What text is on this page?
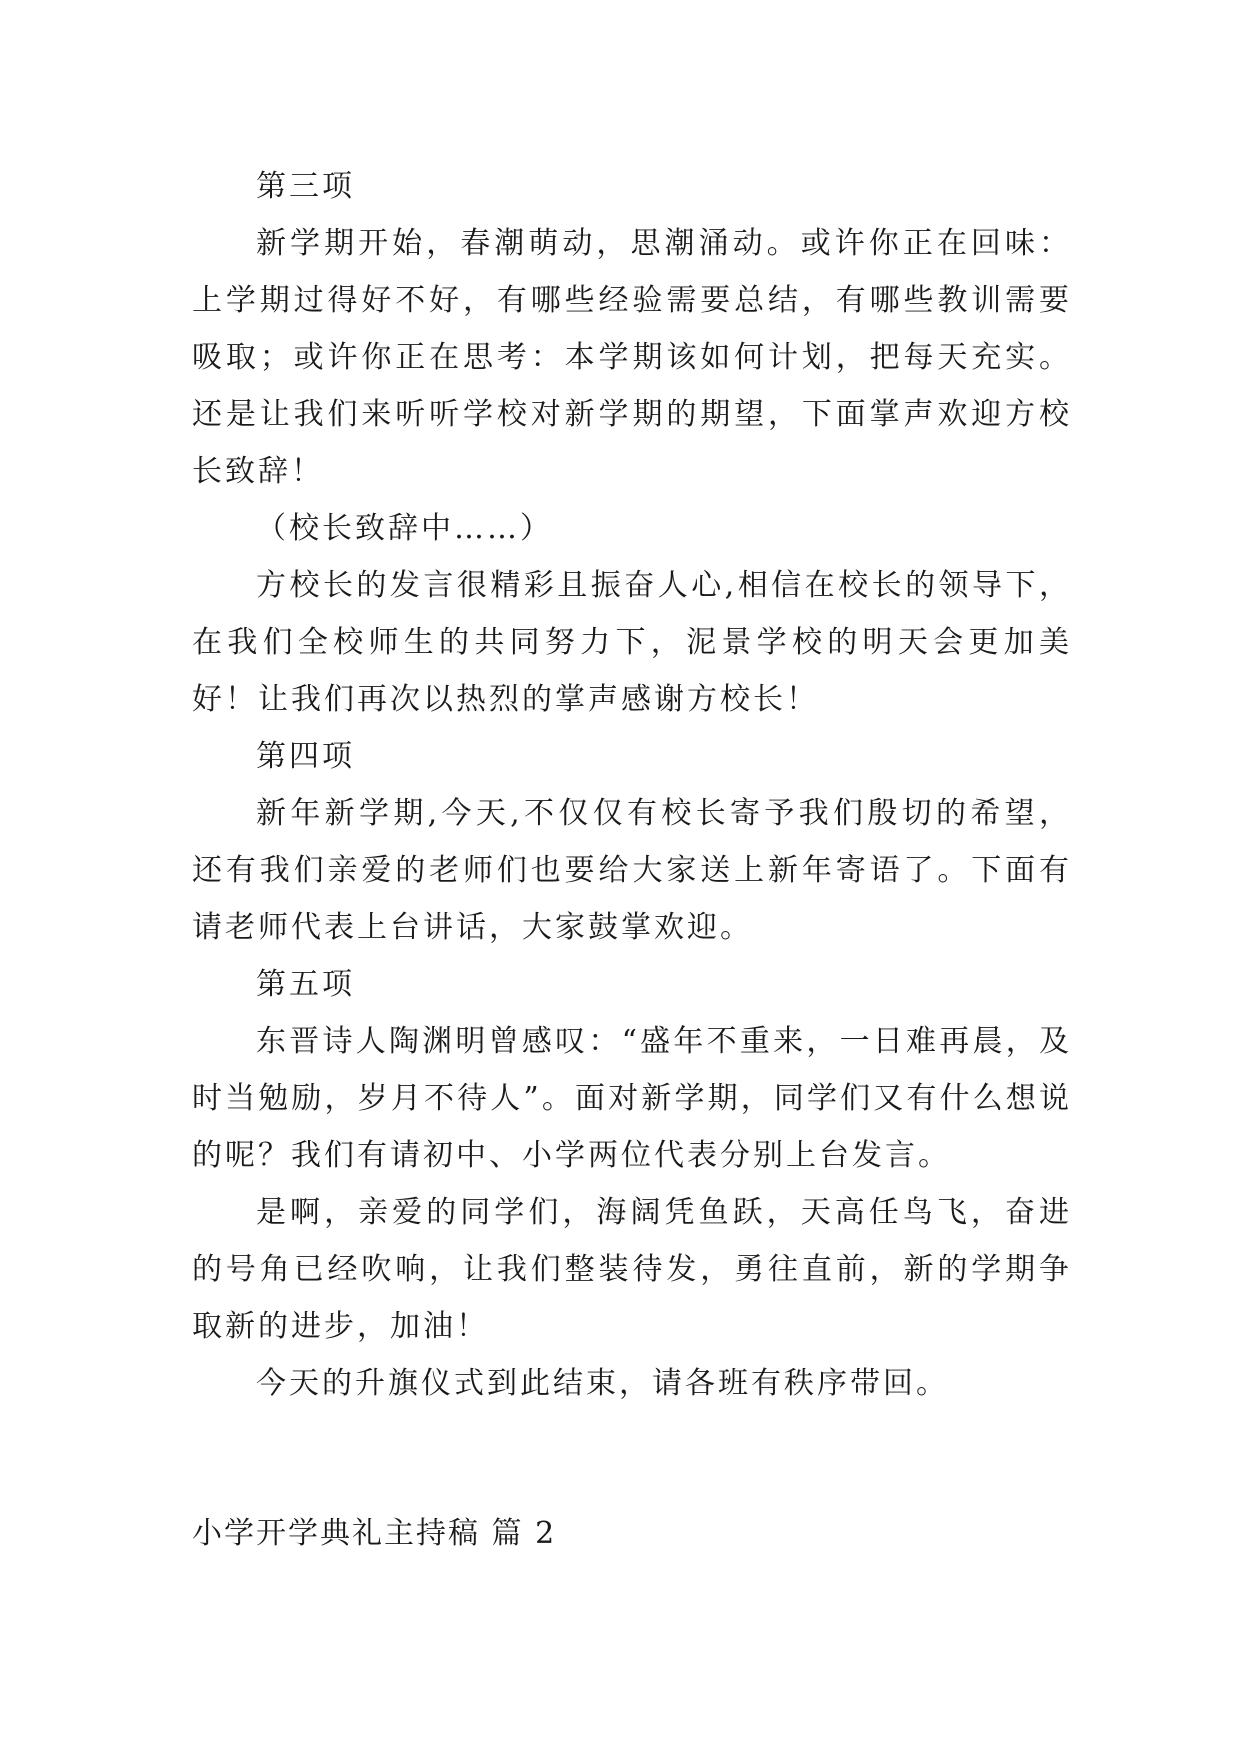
第三项

新学期开始，春潮萌动，思潮涌动。或许你正在回味：上学期过得好不好，有哪些经验需要总结，有哪些教训需要吸取；或许你正在思考：本学期该如何计划，把每天充实。还是让我们来听听学校对新学期的期望，下面掌声欢迎方校长致辞！

（校长致辞中……）

方校长的发言很精彩且振奋人心,相信在校长的领导下，在我们全校师生的共同努力下，泥景学校的明天会更加美好！让我们再次以热烈的掌声感谢方校长！

第四项

新年新学期,今天,不仅仅有校长寄予我们殷切的希望，还有我们亲爱的老师们也要给大家送上新年寄语了。下面有请老师代表上台讲话，大家鼓掌欢迎。

第五项

东晋诗人陶渊明曾感叹：“盛年不重来，一日难再晨，及时当勉励，岁月不待人”。面对新学期，同学们又有什么想说的呢？我们有请初中、小学两位代表分别上台发言。

是啊，亲爱的同学们，海阔凭鱼跃，天高任鸟飞，奋进的号角已经吹响，让我们整装待发，勇往直前，新的学期争取新的进步，加油！

今天的升旗仪式到此结束，请各班有秩序带回。

小学开学典礼主持稿 篇 2
